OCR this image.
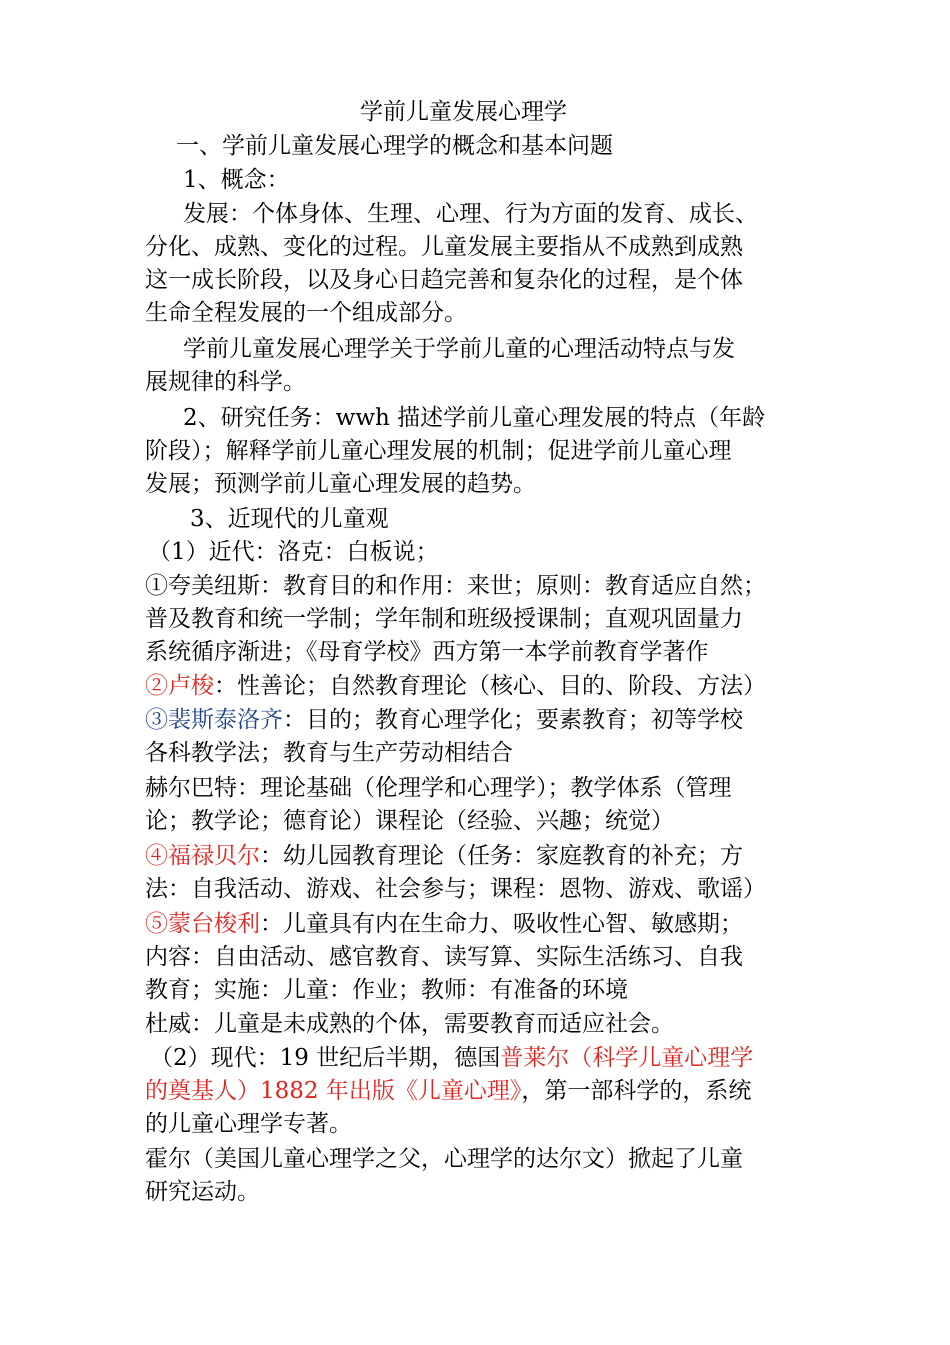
学前儿童发展心理学
一、学前儿童发展心理学的概念和基本问题
1、概念：
发展：个体身体、生理、心理、行为方面的发育、成长、
分化、成熟、变化的过程。儿童发展主要指从不成熟到成熟
这一成长阶段，以及身心日趋完善和复杂化的过程，是个体
生命全程发展的一个组成部分。
学前儿童发展心理学关于学前儿童的心理活动特点与发
展规律的科学。
2、研究任务：wwh 描述学前儿童心理发展的特点（年龄
阶段）；解释学前儿童心理发展的机制；促进学前儿童心理
发展；预测学前儿童心理发展的趋势。
3、近现代的儿童观
（1）近代：洛克：白板说；
①夸美纽斯：教育目的和作用：来世；原则：教育适应自然；
普及教育和统一学制；学年制和班级授课制；直观巩固量力
系统循序渐进；《母育学校》西方第一本学前教育学著作
②卢梭：性善论；自然教育理论（核心、目的、阶段、方法）
③裴斯泰洛齐：目的；教育心理学化；要素教育；初等学校
各科教学法；教育与生产劳动相结合
赫尔巴特：理论基础（伦理学和心理学）；教学体系（管理
论；教学论；德育论）课程论（经验、兴趣；统觉）
④福禄贝尔：幼儿园教育理论（任务：家庭教育的补充；方
法：自我活动、游戏、社会参与；课程：恩物、游戏、歌谣）
⑤蒙台梭利：儿童具有内在生命力、吸收性心智、敏感期；
内容：自由活动、感官教育、读写算、实际生活练习、自我
教育；实施：儿童：作业；教师：有准备的环境
杜威：儿童是未成熟的个体，需要教育而适应社会。
（2）现代：19 世纪后半期，德国普莱尔（科学儿童心理学
的奠基人）1882 年出版《儿童心理》，第一部科学的，系统
的儿童心理学专著。
霍尔（美国儿童心理学之父，心理学的达尔文）掀起了儿童
研究运动。
